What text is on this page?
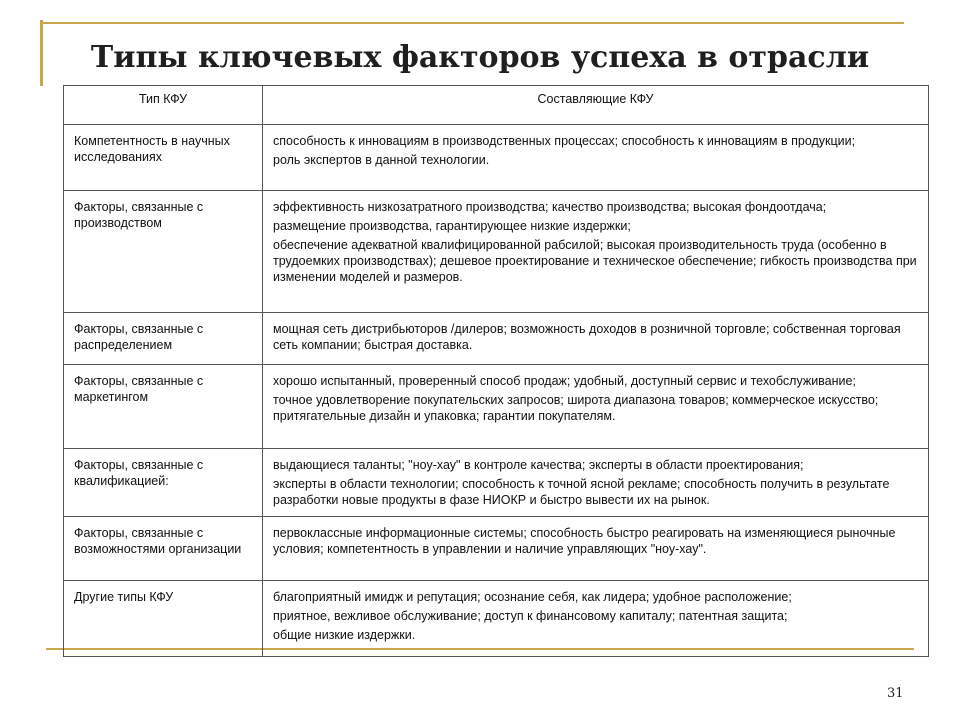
Типы ключевых факторов успеха в отрасли
Тип КФУ	Составляющие КФУ
Компетентность в научных исследованиях	способность к инновациям в производственных процессах; способность к инновациям в продукции;
роль экспертов в данной технологии.

Факторы, связанные с производством	эффективность низкозатратного производства; качество производства; высокая фондоотдача;
размещение производства, гарантирующее низкие издержки;
обеспечение адекватной квалифицированной рабсилой; высокая производительность труда (особенно в трудоемких производствах); дешевое проектирование и техническое обеспечение; гибкость производства при изменении моделей и размеров.

Факторы, связанные с распределением	мощная сеть дистрибьюторов /дилеров; возможность доходов в розничной торговле; собственная торговая сеть компании; быстрая доставка.

Факторы, связанные с маркетингом	хорошо испытанный, проверенный способ продаж; удобный, доступный сервис и техобслуживание;
точное удовлетворение покупательских запросов; широта диапазона товаров; коммерческое искусство; притягательные дизайн и упаковка; гарантии покупателям.

Факторы, связанные с квалификацией:	выдающиеся таланты; "ноу-хау" в контроле качества; эксперты в области проектирования;
эксперты в области технологии; способность к точной ясной рекламе; способность получить в результате разработки новые продукты в фазе НИОКР и быстро вывести их на рынок.

Факторы, связанные с возможностями организации	первоклассные информационные системы; способность быстро реагировать на изменяющиеся рыночные условия; компетентность в управлении и наличие управляющих "ноу-хау".

Другие типы КФУ	благоприятный имидж и репутация; осознание себя, как лидера; удобное расположение;
приятное, вежливое обслуживание; доступ к финансовому капиталу; патентная защита;
общие низкие издержки.
31
